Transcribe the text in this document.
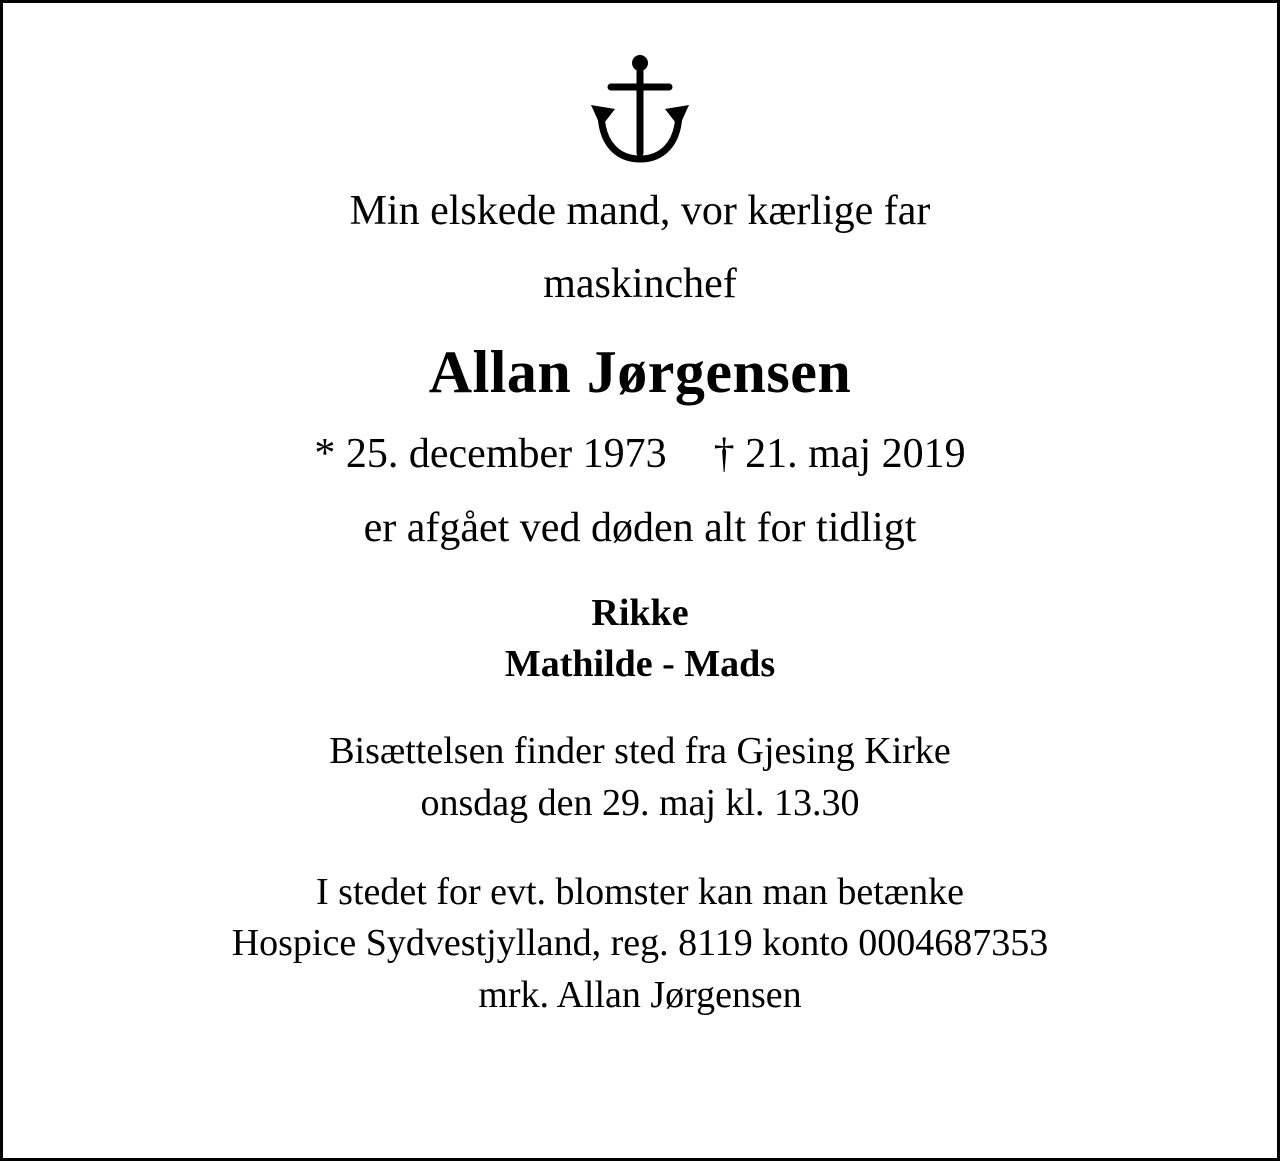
Min elskede mand, vor kærlige far
maskinchef
Allan Jørgensen
* 25. december 1973 † 21. maj 2019
er afgået ved døden alt for tidligt
Rikke
Mathilde - Mads
Bisættelsen finder sted fra Gjesing Kirke
onsdag den 29. maj kl. 13.30
I stedet for evt. blomster kan man betænke
Hospice Sydvestjylland, reg. 8119 konto 0004687353
mrk. Allan Jørgensen
